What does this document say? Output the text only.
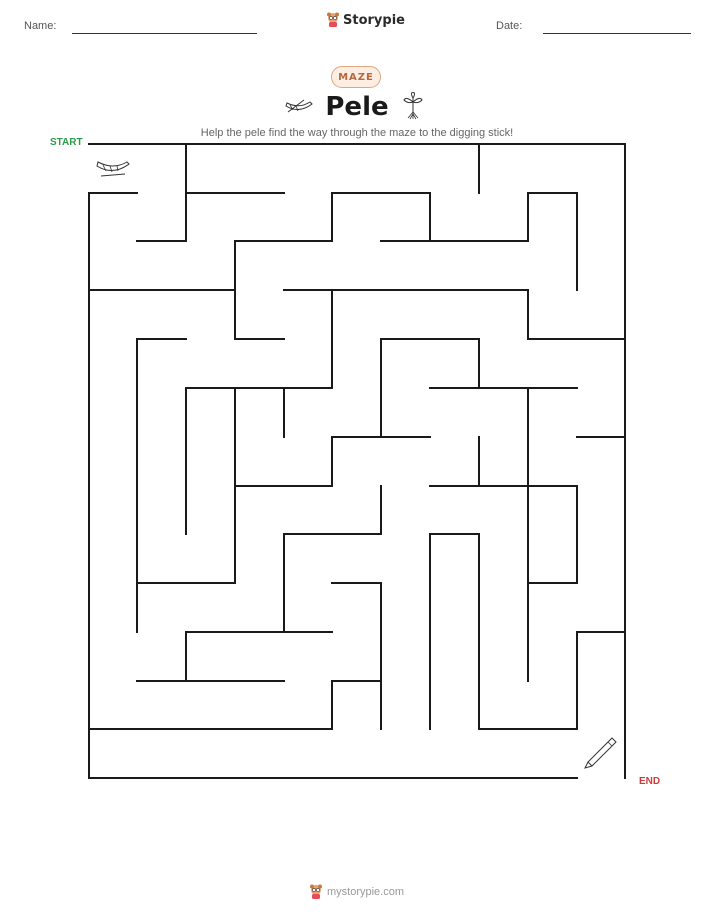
Name:	Storypie	Date:
MAZE
Pele
Help the pele find the way through the maze to the digging stick!
START
END
mystorypie.com
